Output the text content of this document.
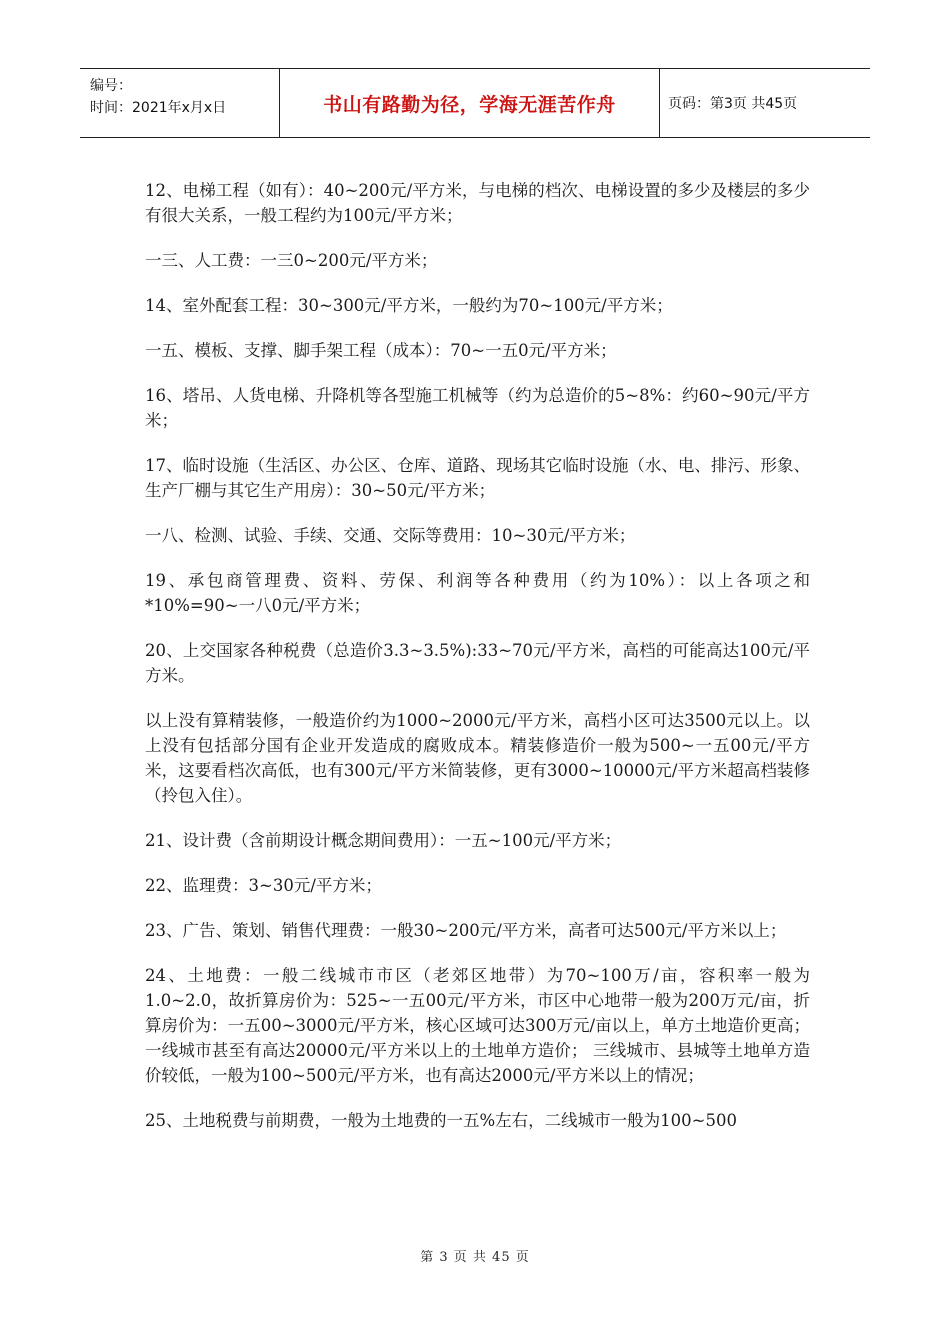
编号：
时间：2021年x月x日	书山有路勤为径，学海无涯苦作舟	页码：第3页 共45页

12、电梯工程（如有）：40~200元/平方米，与电梯的档次、电梯设置的多少及楼层的多少有很大关系，一般工程约为100元/平方米；

一三、人工费：一三0~200元/平方米；

14、室外配套工程：30~300元/平方米，一般约为70~100元/平方米；

一五、模板、支撑、脚手架工程（成本）：70~一五0元/平方米；

16、塔吊、人货电梯、升降机等各型施工机械等（约为总造价的5~8%：约60~90元/平方米；

17、临时设施（生活区、办公区、仓库、道路、现场其它临时设施（水、电、排污、形象、生产厂棚与其它生产用房）：30~50元/平方米；

一八、检测、试验、手续、交通、交际等费用：10~30元/平方米；

19、承包商管理费、资料、劳保、利润等各种费用（约为10%）：以上各项之和*10%=90~一八0元/平方米；

20、上交国家各种税费（总造价3.3~3.5%):33~70元/平方米，高档的可能高达100元/平方米。

以上没有算精装修，一般造价约为1000~2000元/平方米，高档小区可达3500元以上。以上没有包括部分国有企业开发造成的腐败成本。精装修造价一般为500~一五00元/平方米，这要看档次高低，也有300元/平方米简装修，更有3000~10000元/平方米超高档装修（拎包入住）。

21、设计费（含前期设计概念期间费用）：一五~100元/平方米；

22、监理费：3~30元/平方米；

23、广告、策划、销售代理费：一般30~200元/平方米，高者可达500元/平方米以上；

24、土地费：一般二线城市市区（老郊区地带）为70~100万/亩，容积率一般为1.0~2.0，故折算房价为：525~一五00元/平方米，市区中心地带一般为200万元/亩，折算房价为：一五00~3000元/平方米，核心区域可达300万元/亩以上，单方土地造价更高；一线城市甚至有高达20000元/平方米以上的土地单方造价； 三线城市、县城等土地单方造价较低，一般为100~500元/平方米，也有高达2000元/平方米以上的情况；

25、土地税费与前期费，一般为土地费的一五%左右，二线城市一般为100~500

第 3 页 共 45 页
